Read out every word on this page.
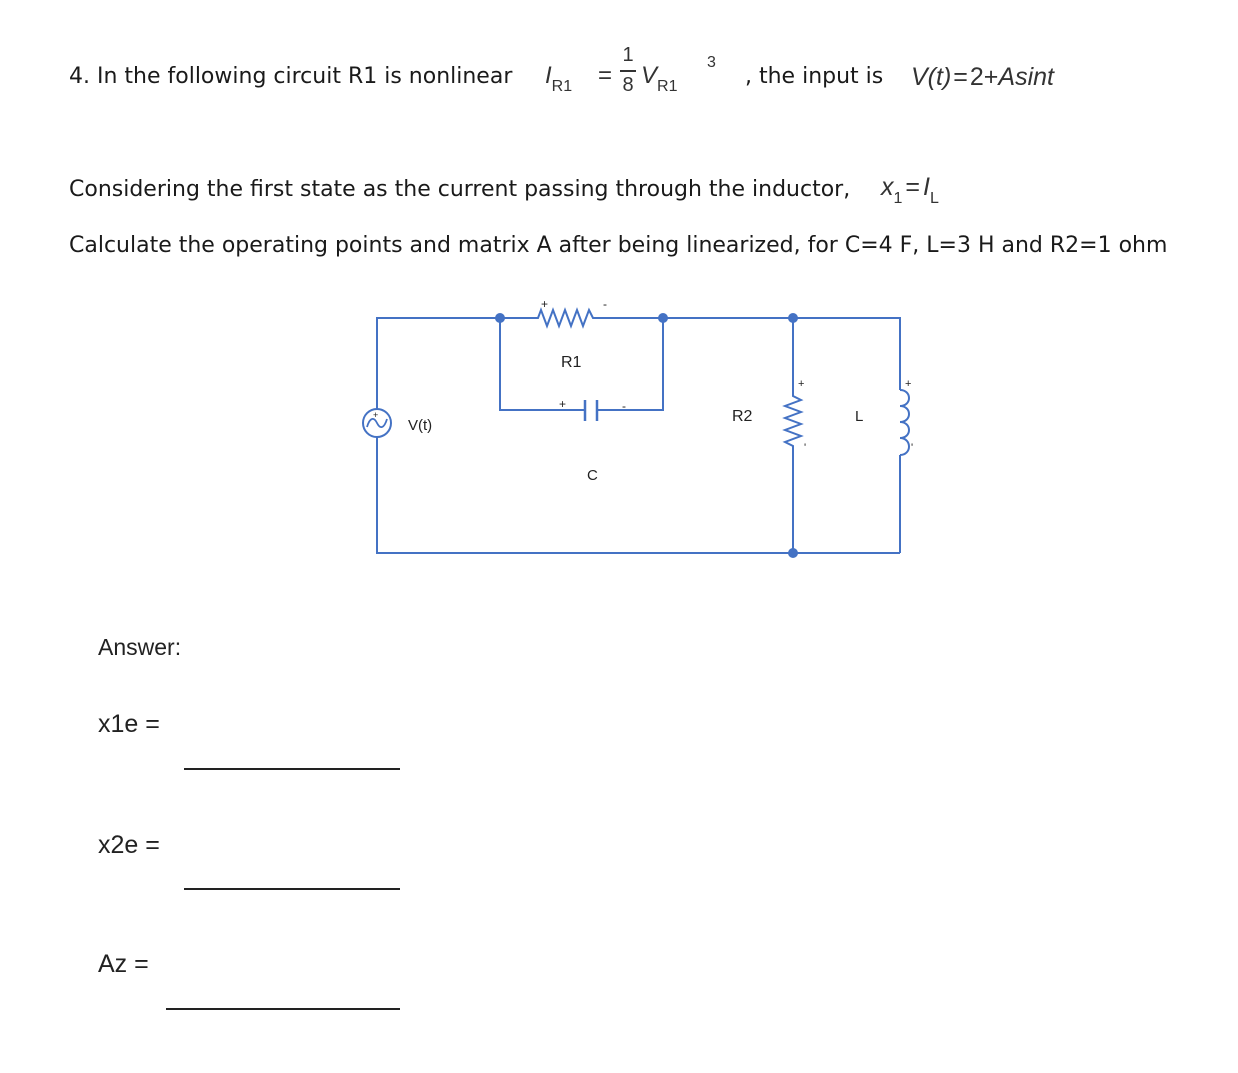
4. In the following circuit R1 is nonlinear $I_{R1}$ =
1
8 $V_{R1}$
3
, the input is V(t)=2+Asint
Considering the first state as the current passing through the inductor, $x_1 = I_L$
Calculate the operating points and matrix A after being linearized, for C=4 F, L=3 H and R2=1 ohm
+
V(t)
R1
+	-
C
+	-
R2	L
+
'
+
'
Answer:
x1e =
x2e =
Az =
